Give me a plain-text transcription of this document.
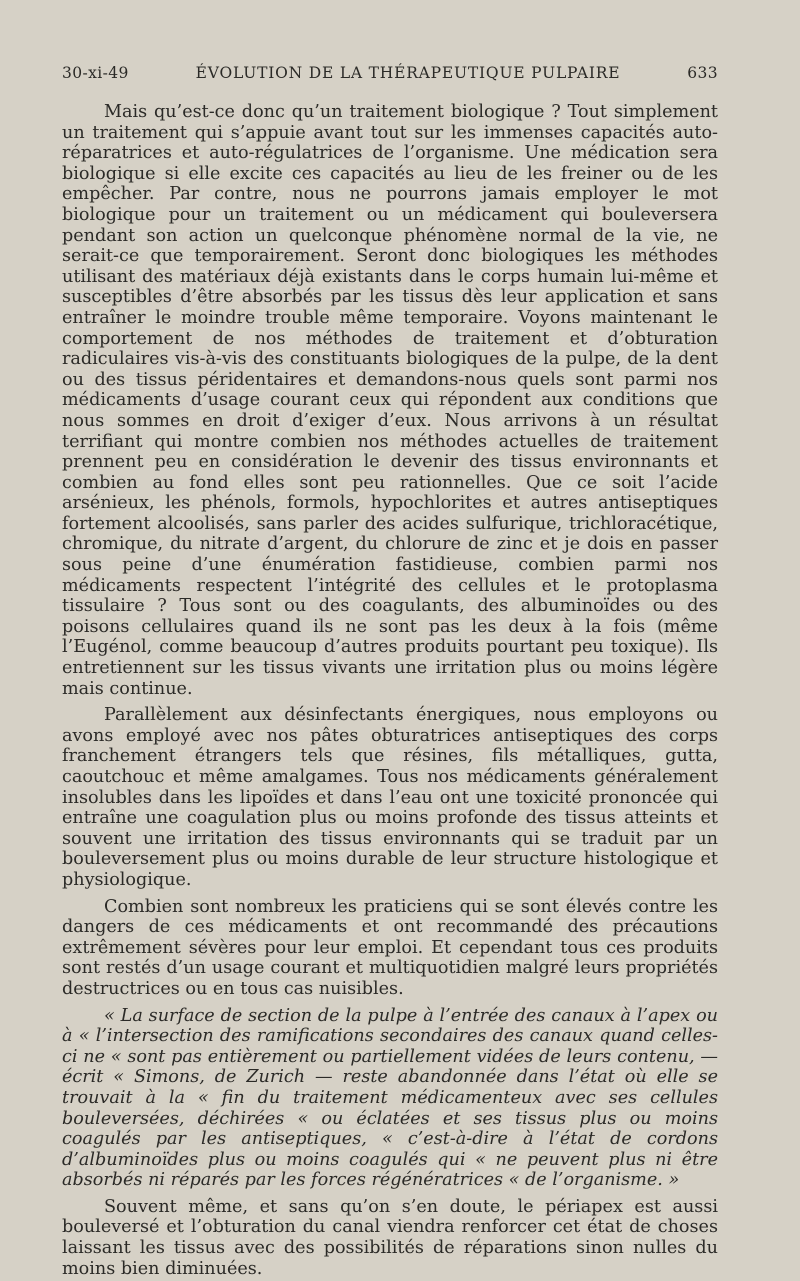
30-xi-49	ÉVOLUTION DE LA THÉRAPEUTIQUE PULPAIRE	633

Mais qu’est-ce donc qu’un traitement biologique ? Tout simplement un traitement qui s’appuie avant tout sur les immenses capacités auto-réparatrices et auto-régulatrices de l’organisme. Une médication sera biologique si elle excite ces capacités au lieu de les freiner ou de les empêcher. Par contre, nous ne pourrons jamais employer le mot biologique pour un traitement ou un médicament qui bouleversera pendant son action un quelconque phénomène normal de la vie, ne serait-ce que temporairement. Seront donc biologiques les méthodes utilisant des matériaux déjà existants dans le corps humain lui-même et susceptibles d’être absorbés par les tissus dès leur application et sans entraîner le moindre trouble même temporaire. Voyons maintenant le comportement de nos méthodes de traitement et d’obturation radiculaires vis-à-vis des constituants biologiques de la pulpe, de la dent ou des tissus péridentaires et demandons-nous quels sont parmi nos médicaments d’usage courant ceux qui répondent aux conditions que nous sommes en droit d’exiger d’eux. Nous arrivons à un résultat terrifiant qui montre combien nos méthodes actuelles de traitement prennent peu en considération le devenir des tissus environnants et combien au fond elles sont peu rationnelles. Que ce soit l’acide arsénieux, les phénols, formols, hypochlorites et autres antiseptiques fortement alcoolisés, sans parler des acides sulfurique, trichloracétique, chromique, du nitrate d’argent, du chlorure de zinc et je dois en passer sous peine d’une énumération fastidieuse, combien parmi nos médicaments respectent l’intégrité des cellules et le protoplasma tissulaire ? Tous sont ou des coagulants, des albuminoïdes ou des poisons cellulaires quand ils ne sont pas les deux à la fois (même l’Eugénol, comme beaucoup d’autres produits pourtant peu toxique). Ils entretiennent sur les tissus vivants une irritation plus ou moins légère mais continue.

Parallèlement aux désinfectants énergiques, nous employons ou avons employé avec nos pâtes obturatrices antiseptiques des corps franchement étrangers tels que résines, fils métalliques, gutta, caoutchouc et même amalgames. Tous nos médicaments généralement insolubles dans les lipoïdes et dans l’eau ont une toxicité prononcée qui entraîne une coagulation plus ou moins profonde des tissus atteints et souvent une irritation des tissus environnants qui se traduit par un bouleversement plus ou moins durable de leur structure histologique et physiologique.

Combien sont nombreux les praticiens qui se sont élevés contre les dangers de ces médicaments et ont recommandé des précautions extrêmement sévères pour leur emploi. Et cependant tous ces produits sont restés d’un usage courant et multiquotidien malgré leurs propriétés destructrices ou en tous cas nuisibles.

« La surface de section de la pulpe à l’entrée des canaux à l’apex ou à « l’intersection des ramifications secondaires des canaux quand celles-ci ne « sont pas entièrement ou partiellement vidées de leurs contenu, — écrit « Simons, de Zurich — reste abandonnée dans l’état où elle se trouvait à la « fin du traitement médicamenteux avec ses cellules bouleversées, déchirées « ou éclatées et ses tissus plus ou moins coagulés par les antiseptiques, « c’est-à-dire à l’état de cordons d’albuminoïdes plus ou moins coagulés qui « ne peuvent plus ni être absorbés ni réparés par les forces régénératrices « de l’organisme. »

Souvent même, et sans qu’on s’en doute, le périapex est aussi bouleversé et l’obturation du canal viendra renforcer cet état de choses laissant les tissus avec des possibilités de réparations sinon nulles du moins bien diminuées.
